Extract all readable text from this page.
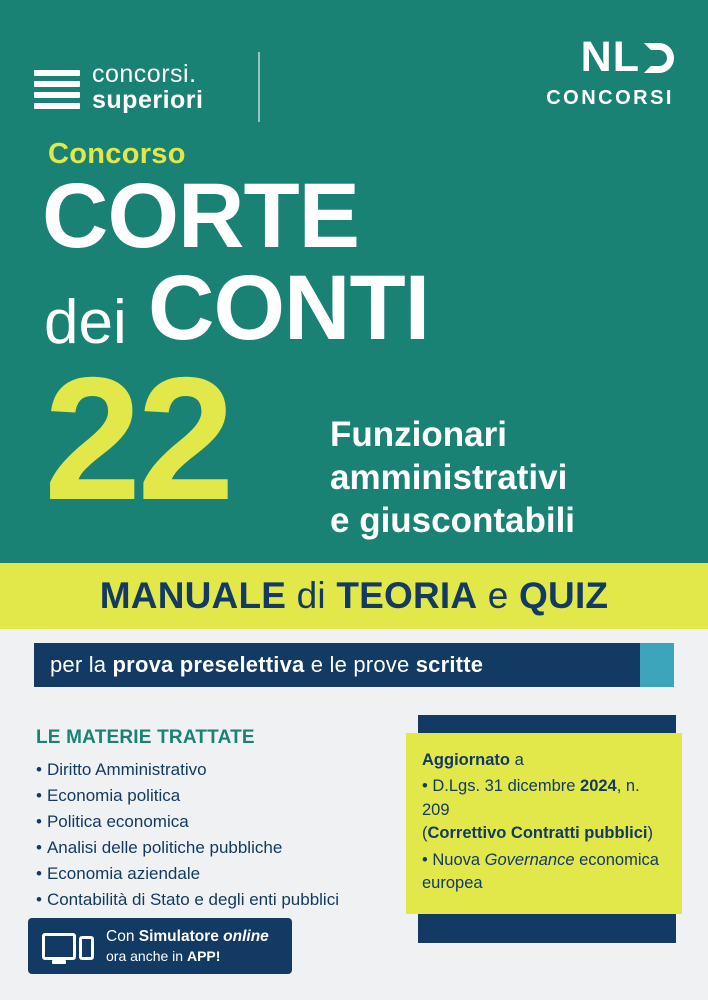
concorsi.
superiori
NL
CONCORSI
Concorso
CORTE
dei CONTI
22	Funzionari
amministrativi
e giuscontabili
MANUALE di TEORIA e QUIZ
per la prova preselettiva e le prove scritte
LE MATERIE TRATTATE
• Diritto Amministrativo
• Economia politica
• Politica economica
• Analisi delle politiche pubbliche
• Economia aziendale
• Contabilità di Stato e degli enti pubblici
Aggiornato a
• D.Lgs. 31 dicembre 2024, n. 209
(Correttivo Contratti pubblici)
• Nuova Governance economica
europea
Con Simulatore online
ora anche in APP!
